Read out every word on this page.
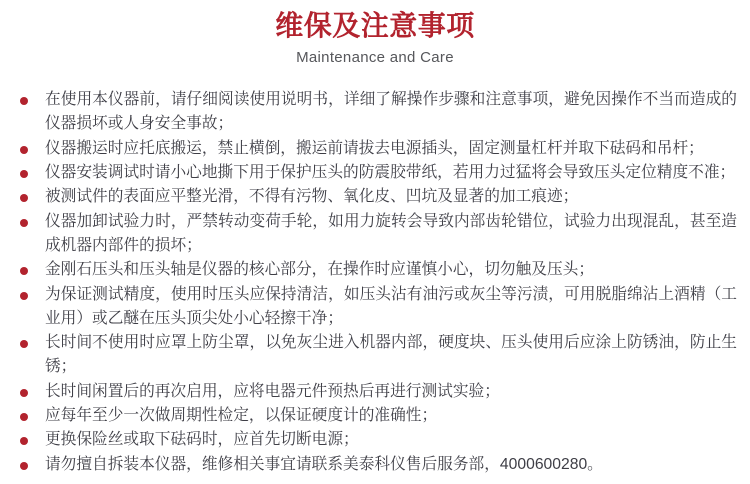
维保及注意事项
Maintenance and Care
在使用本仪器前，请仔细阅读使用说明书，详细了解操作步骤和注意事项，避免因操作不当而造成的仪器损坏或人身安全事故；
仪器搬运时应托底搬运，禁止横倒，搬运前请拔去电源插头，固定测量杠杆并取下砝码和吊杆；
仪器安装调试时请小心地撕下用于保护压头的防震胶带纸，若用力过猛将会导致压头定位精度不准；
被测试件的表面应平整光滑，不得有污物、氧化皮、凹坑及显著的加工痕迹；
仪器加卸试验力时，严禁转动变荷手轮，如用力旋转会导致内部齿轮错位，试验力出现混乱，甚至造成机器内部件的损坏；
金刚石压头和压头轴是仪器的核心部分，在操作时应谨慎小心，切勿触及压头；
为保证测试精度，使用时压头应保持清洁，如压头沾有油污或灰尘等污渍，可用脱脂绵沾上酒精（工业用）或乙醚在压头顶尖处小心轻擦干净；
长时间不使用时应罩上防尘罩，以免灰尘进入机器内部，硬度块、压头使用后应涂上防锈油，防止生锈；
长时间闲置后的再次启用，应将电器元件预热后再进行测试实验；
应每年至少一次做周期性检定，以保证硬度计的准确性；
更换保险丝或取下砝码时，应首先切断电源；
请勿擅自拆装本仪器，维修相关事宜请联系美泰科仪售后服务部，4000600280。
